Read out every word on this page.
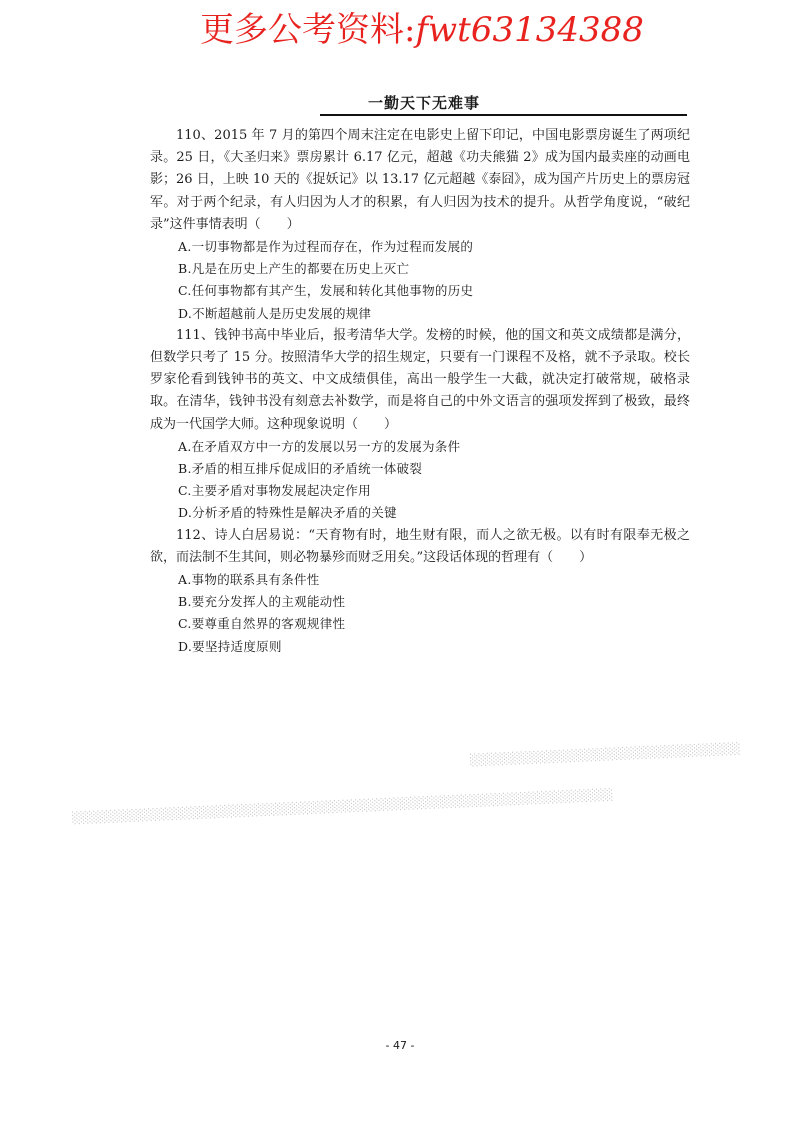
更多公考资料:fwt63134388
一勤天下无难事

110、2015 年 7 月的第四个周末注定在电影史上留下印记，中国电影票房诞生了两项纪录。25 日，《大圣归来》票房累计 6.17 亿元，超越《功夫熊猫 2》成为国内最卖座的动画电影；26 日，上映 10 天的《捉妖记》以 13.17 亿元超越《泰囧》，成为国产片历史上的票房冠军。对于两个纪录，有人归因为人才的积累，有人归因为技术的提升。从哲学角度说，“破纪录”这件事情表明（　　）

A.一切事物都是作为过程而存在，作为过程而发展的

B.凡是在历史上产生的都要在历史上灭亡

C.任何事物都有其产生，发展和转化其他事物的历史

D.不断超越前人是历史发展的规律

111、钱钟书高中毕业后，报考清华大学。发榜的时候，他的国文和英文成绩都是满分，但数学只考了 15 分。按照清华大学的招生规定，只要有一门课程不及格，就不予录取。校长罗家伦看到钱钟书的英文、中文成绩俱佳，高出一般学生一大截，就决定打破常规，破格录取。在清华，钱钟书没有刻意去补数学，而是将自己的中外文语言的强项发挥到了极致，最终成为一代国学大师。这种现象说明（　　）

A.在矛盾双方中一方的发展以另一方的发展为条件

B.矛盾的相互排斥促成旧的矛盾统一体破裂

C.主要矛盾对事物发展起决定作用

D.分析矛盾的特殊性是解决矛盾的关键

112、诗人白居易说：“天育物有时，地生财有限，而人之欲无极。以有时有限奉无极之欲，而法制不生其间，则必物暴殄而财乏用矣。”这段话体现的哲理有（　　）

A.事物的联系具有条件性

B.要充分发挥人的主观能动性

C.要尊重自然界的客观规律性

D.要坚持适度原则

░░░░░░░░░░░░░░░░░░░░░░░░░░░░░░░░
░░░░░░░░░░░░░░░░░░░░░░░░░░░░░░░░░░░░░░░░░░░░░░░░░░░░░░░░░░░░░░░░
- 47 -
